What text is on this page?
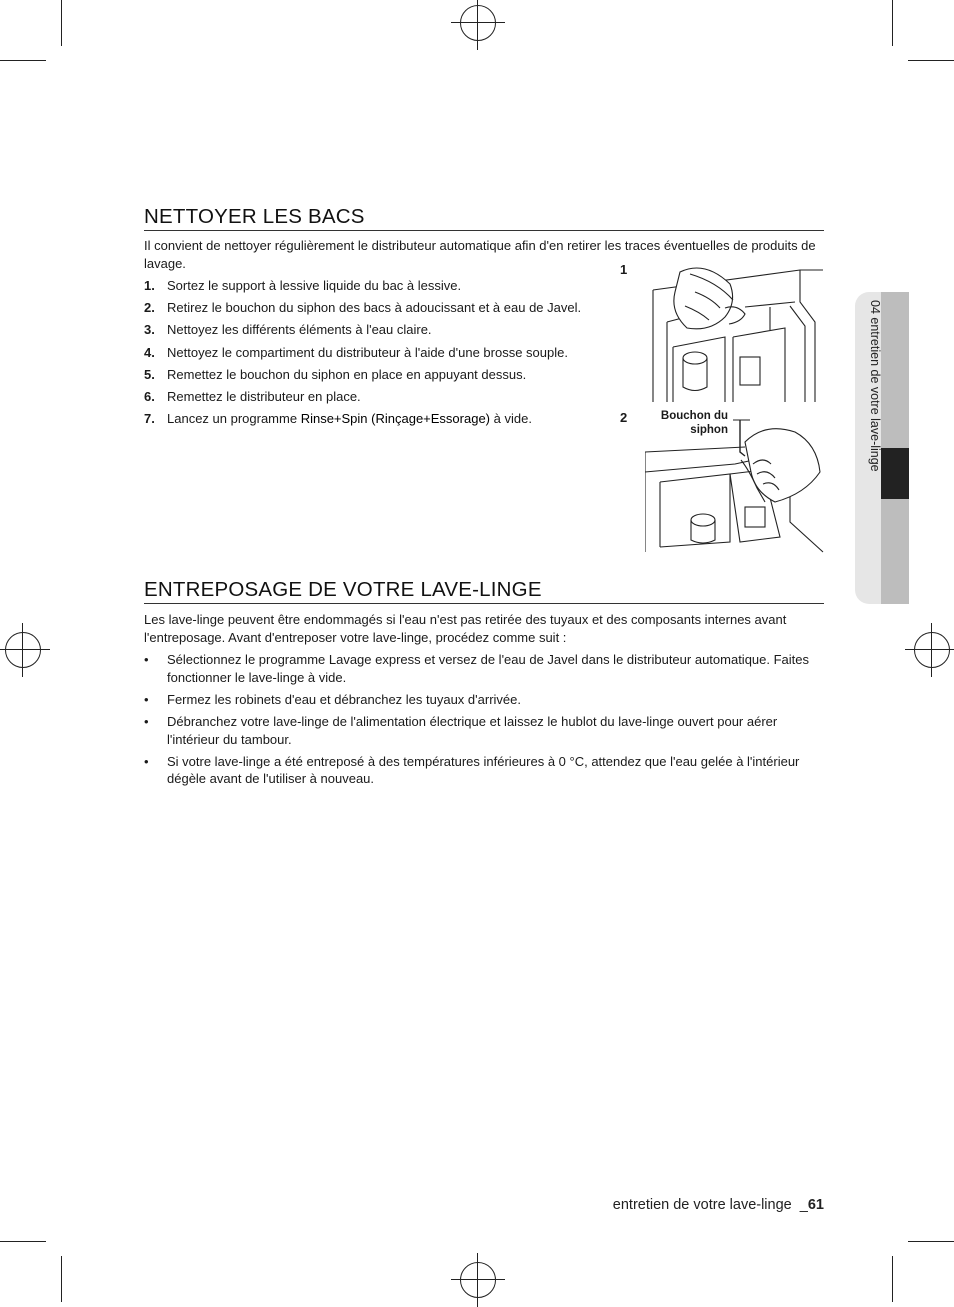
NETTOYER LES BACS

Il convient de nettoyer régulièrement le distributeur automatique afin d'en retirer les traces éventuelles de produits de lavage.

1. Sortez le support à lessive liquide du bac à lessive.
2. Retirez le bouchon du siphon des bacs à adoucissant et à eau de Javel.
3. Nettoyez les différents éléments à l'eau claire.
4. Nettoyez le compartiment du distributeur à l'aide d'une brosse souple.
5. Remettez le bouchon du siphon en place en appuyant dessus.
6. Remettez le distributeur en place.
7. Lancez un programme Rinse+Spin (Rinçage+Essorage) à vide.
1
2	Bouchon du
siphon
ENTREPOSAGE DE VOTRE LAVE-LINGE

Les lave-linge peuvent être endommagés si l'eau n'est pas retirée des tuyaux et des composants internes avant l'entreposage. Avant d'entreposer votre lave-linge, procédez comme suit :

• Sélectionnez le programme Lavage express et versez de l'eau de Javel dans le distributeur automatique. Faites fonctionner le lave-linge à vide.
• Fermez les robinets d'eau et débranchez les tuyaux d'arrivée.
• Débranchez votre lave-linge de l'alimentation électrique et laissez le hublot du lave-linge ouvert pour aérer l'intérieur du tambour.
• Si votre lave-linge a été entreposé à des températures inférieures à 0 °C, attendez que l'eau gelée à l'intérieur dégèle avant de l'utiliser à nouveau.
04 entretien de votre lave-linge
entretien de votre lave-linge  _61
